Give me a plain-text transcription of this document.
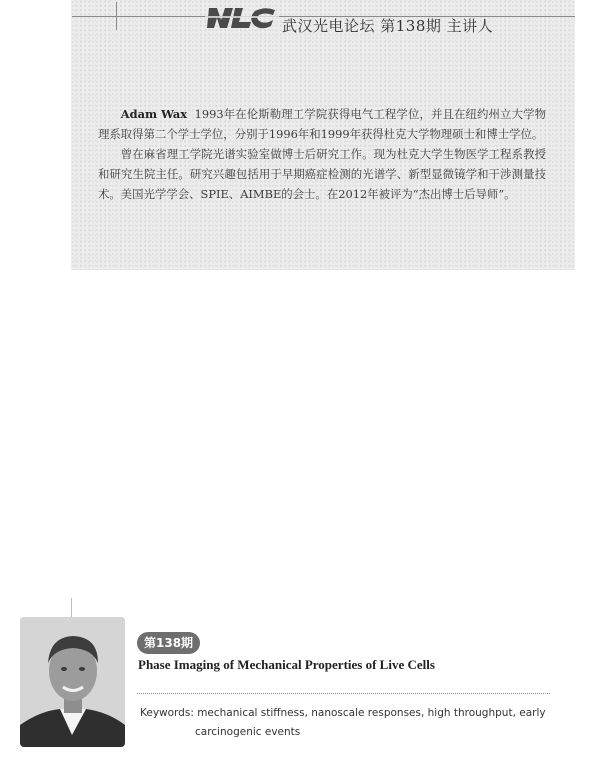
武汉光电论坛 第138期 主讲人

Adam Wax 1993年在伦斯勒理工学院获得电气工程学位，并且在纽约州立大学物理系取得第二个学士学位，分别于1996年和1999年获得杜克大学物理硕士和博士学位。

曾在麻省理工学院光谱实验室做博士后研究工作。现为杜克大学生物医学工程系教授和研究生院主任。研究兴趣包括用于早期癌症检测的光谱学、新型显微镜学和干涉测量技术。美国光学学会、SPIE、AIMBE的会士。在2012年被评为“杰出博士后导师”。

第138期
Phase Imaging of Mechanical Properties of Live Cells
Keywords: mechanical stiffness, nanoscale responses, high throughput, early
carcinogenic events
